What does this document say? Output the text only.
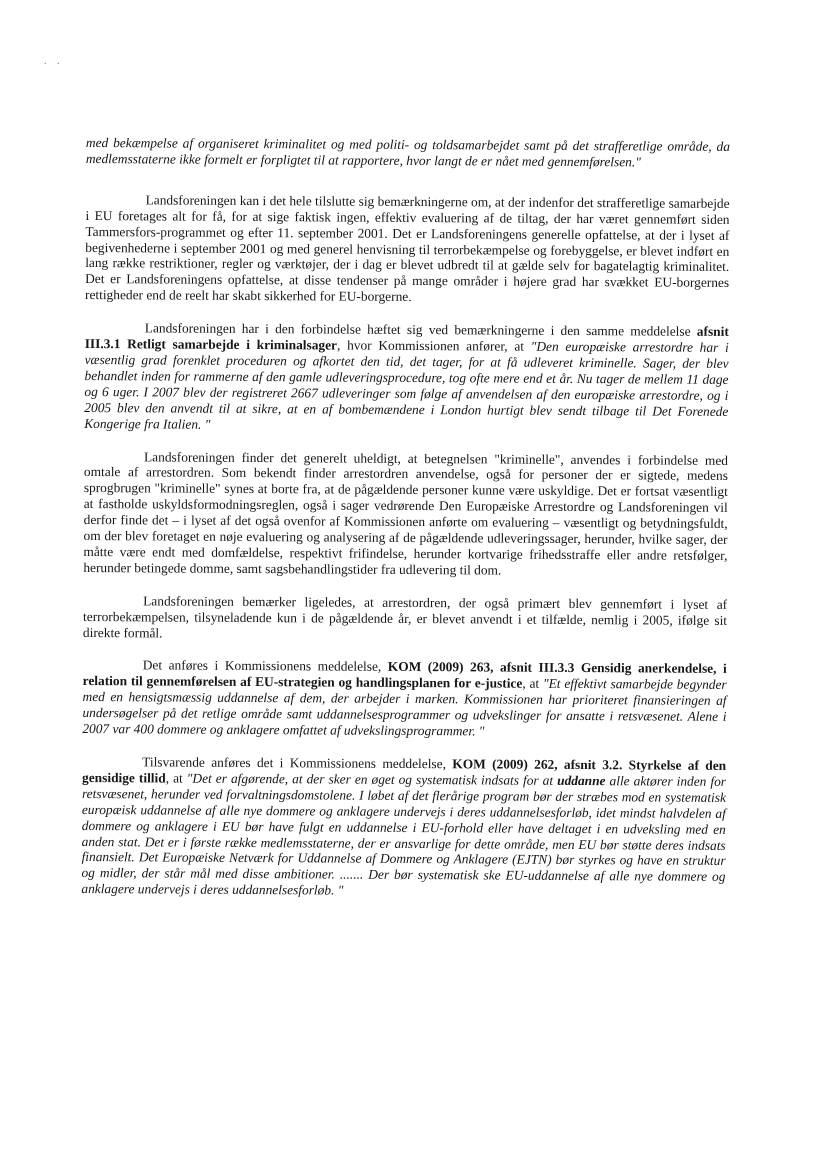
. .

med bekæmpelse af organiseret kriminalitet og med politi- og toldsamarbejdet samt på det strafferetlige område, da medlemsstaterne ikke formelt er forpligtet til at rapportere, hvor langt de er nået med gennemførelsen."

Landsforeningen kan i det hele tilslutte sig bemærkningerne om, at der indenfor det strafferetlige samarbejde i EU foretages alt for få, for at sige faktisk ingen, effektiv evaluering af de tiltag, der har været gennemført siden Tammersfors-programmet og efter 11. september 2001. Det er Landsforeningens generelle opfattelse, at der i lyset af begivenhederne i september 2001 og med generel henvisning til terrorbekæmpelse og forebyggelse, er blevet indført en lang række restriktioner, regler og værktøjer, der i dag er blevet udbredt til at gælde selv for bagatelagtig kriminalitet. Det er Landsforeningens opfattelse, at disse tendenser på mange områder i højere grad har svækket EU-borgernes rettigheder end de reelt har skabt sikkerhed for EU-borgerne.

Landsforeningen har i den forbindelse hæftet sig ved bemærkningerne i den samme meddelelse afsnit III.3.1 Retligt samarbejde i kriminalsager, hvor Kommissionen anfører, at "Den europæiske arrestordre har i væsentlig grad forenklet proceduren og afkortet den tid, det tager, for at få udleveret kriminelle. Sager, der blev behandlet inden for rammerne af den gamle udleveringsprocedure, tog ofte mere end et år. Nu tager de mellem 11 dage og 6 uger. I 2007 blev der registreret 2667 udleveringer som følge af anvendelsen af den europæiske arrestordre, og i 2005 blev den anvendt til at sikre, at en af bombemændene i London hurtigt blev sendt tilbage til Det Forenede Kongerige fra Italien. "

Landsforeningen finder det generelt uheldigt, at betegnelsen "kriminelle", anvendes i forbindelse med omtale af arrestordren. Som bekendt finder arrestordren anvendelse, også for personer der er sigtede, medens sprogbrugen "kriminelle" synes at borte fra, at de pågældende personer kunne være uskyldige. Det er fortsat væsentligt at fastholde uskyldsformodningsreglen, også i sager vedrørende Den Europæiske Arrestordre og Landsforeningen vil derfor finde det – i lyset af det også ovenfor af Kommissionen anførte om evaluering – væsentligt og betydningsfuldt, om der blev foretaget en nøje evaluering og analysering af de pågældende udleveringssager, herunder, hvilke sager, der måtte være endt med domfældelse, respektivt frifindelse, herunder kortvarige frihedsstraffe eller andre retsfølger, herunder betingede domme, samt sagsbehandlingstider fra udlevering til dom.

Landsforeningen bemærker ligeledes, at arrestordren, der også primært blev gennemført i lyset af terrorbekæmpelsen, tilsyneladende kun i de pågældende år, er blevet anvendt i et tilfælde, nemlig i 2005, ifølge sit direkte formål.

Det anføres i Kommissionens meddelelse, KOM (2009) 263, afsnit III.3.3 Gensidig anerkendelse, i relation til gennemførelsen af EU-strategien og handlingsplanen for e-justice, at "Et effektivt samarbejde begynder med en hensigtsmæssig uddannelse af dem, der arbejder i marken. Kommissionen har prioriteret finansieringen af undersøgelser på det retlige område samt uddannelsesprogrammer og udvekslinger for ansatte i retsvæsenet. Alene i 2007 var 400 dommere og anklagere omfattet af udvekslingsprogrammer. "

Tilsvarende anføres det i Kommissionens meddelelse, KOM (2009) 262, afsnit 3.2. Styrkelse af den gensidige tillid, at "Det er afgørende, at der sker en øget og systematisk indsats for at uddanne alle aktører inden for retsvæsenet, herunder ved forvaltningsdomstolene. I løbet af det flerårige program bør der stræbes mod en systematisk europæisk uddannelse af alle nye dommere og anklagere undervejs i deres uddannelsesforløb, idet mindst halvdelen af dommere og anklagere i EU bør have fulgt en uddannelse i EU-forhold eller have deltaget i en udveksling med en anden stat. Det er i første række medlemsstaterne, der er ansvarlige for dette område, men EU bør støtte deres indsats finansielt. Det Europæiske Netværk for Uddannelse af Dommere og Anklagere (EJTN) bør styrkes og have en struktur og midler, der står mål med disse ambitioner. ....... Der bør systematisk ske EU-uddannelse af alle nye dommere og anklagere undervejs i deres uddannelsesforløb. "
